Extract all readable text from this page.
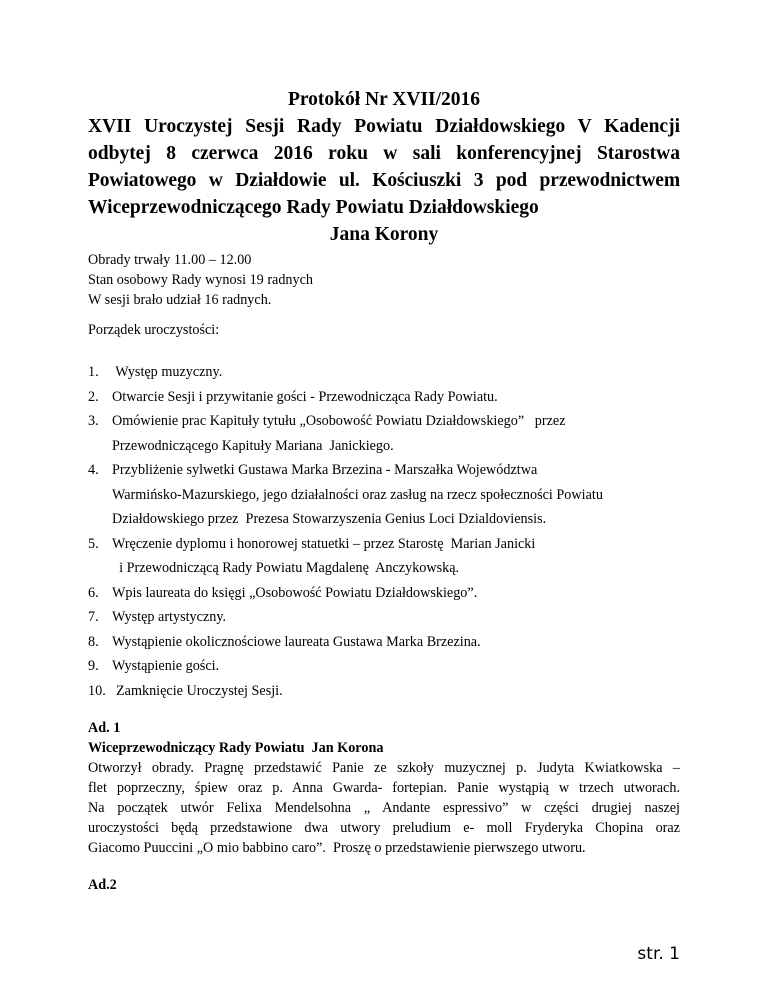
Protokół Nr XVII/2016
XVII Uroczystej Sesji Rady Powiatu Działdowskiego V Kadencji
odbytej 8 czerwca 2016 roku w sali konferencyjnej Starostwa
Powiatowego w Działdowie ul. Kościuszki 3 pod przewodnictwem
Wiceprzewodniczącego Rady Powiatu Działdowskiego
Jana Korony
Obrady trwały 11.00 – 12.00
Stan osobowy Rady wynosi 19 radnych
W sesji brało udział 16 radnych.
Porządek uroczystości:
1. Występ muzyczny.
2. Otwarcie Sesji i przywitanie gości - Przewodnicząca Rady Powiatu.
3. Omówienie prac Kapituły tytułu „Osobowość Powiatu Działdowskiego”   przez
Przewodniczącego Kapituły Mariana  Janickiego.
4. Przybliżenie sylwetki Gustawa Marka Brzezina - Marszałka Województwa
Warmińsko-Mazurskiego, jego działalności oraz zasług na rzecz społeczności Powiatu
Działdowskiego przez  Prezesa Stowarzyszenia Genius Loci Dzialdoviensis.
5. Wręczenie dyplomu i honorowej statuetki – przez Starostę  Marian Janicki
i Przewodniczącą Rady Powiatu Magdalenę  Anczykowską.
6. Wpis laureata do księgi „Osobowość Powiatu Działdowskiego”.
7. Występ artystyczny.
8. Wystąpienie okolicznościowe laureata Gustawa Marka Brzezina.
9. Wystąpienie gości.
10. Zamknięcie Uroczystej Sesji.
Ad. 1
Wiceprzewodniczący Rady Powiatu  Jan Korona
Otworzył obrady. Pragnę przedstawić Panie ze szkoły muzycznej p. Judyta Kwiatkowska –
flet poprzeczny, śpiew oraz p. Anna Gwarda- fortepian. Panie wystąpią w trzech utworach.
Na początek utwór Felixa Mendelsohna „ Andante espressivo” w części drugiej naszej
uroczystości będą przedstawione dwa utwory preludium e- moll Fryderyka Chopina oraz
Giacomo Puuccini „O mio babbino caro”.  Proszę o przedstawienie pierwszego utworu.
Ad.2
str. 1
